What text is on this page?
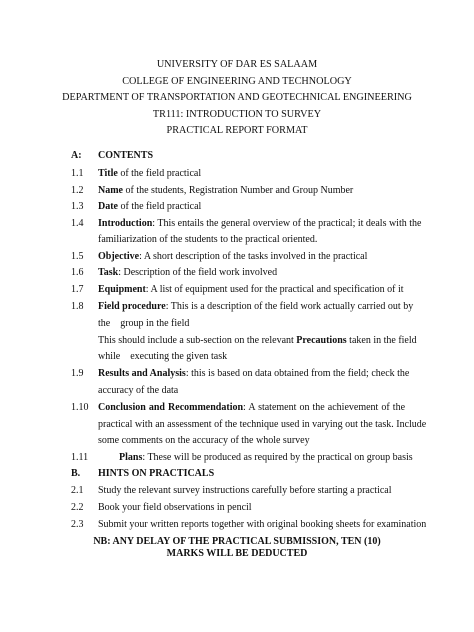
UNIVERSITY OF DAR ES SALAAM
COLLEGE OF ENGINEERING AND TECHNOLOGY
DEPARTMENT OF TRANSPORTATION AND GEOTECHNICAL ENGINEERING
TR111: INTRODUCTION TO SURVEY
PRACTICAL REPORT FORMAT
A: CONTENTS
1.1 Title of the field practical
1.2 Name of the students, Registration Number and Group Number
1.3 Date of the field practical
1.4 Introduction: This entails the general overview of the practical; it deals with the
familiarization of the students to the practical oriented.
1.5 Objective: A short description of the tasks involved in the practical
1.6 Task: Description of the field work involved
1.7 Equipment: A list of equipment used for the practical and specification of it
1.8 Field procedure: This is a description of the field work actually carried out by
the    group in the field
This should include a sub-section on the relevant Precautions taken in the field
while    executing the given task
1.9 Results and Analysis: this is based on data obtained from the field; check the
accuracy of the data
1.10 Conclusion and Recommendation: A statement on the achievement of the
practical with an assessment of the technique used in varying out the task. Include
some comments on the accuracy of the whole survey
1.11	Plans: These will be produced as required by the practical on group basis
B. HINTS ON PRACTICALS
2.1 Study the relevant survey instructions carefully before starting a practical
2.2 Book your field observations in pencil
2.3 Submit your written reports together with original booking sheets for examination
NB: ANY DELAY OF THE PRACTICAL SUBMISSION, TEN (10)
MARKS WILL BE DEDUCTED
